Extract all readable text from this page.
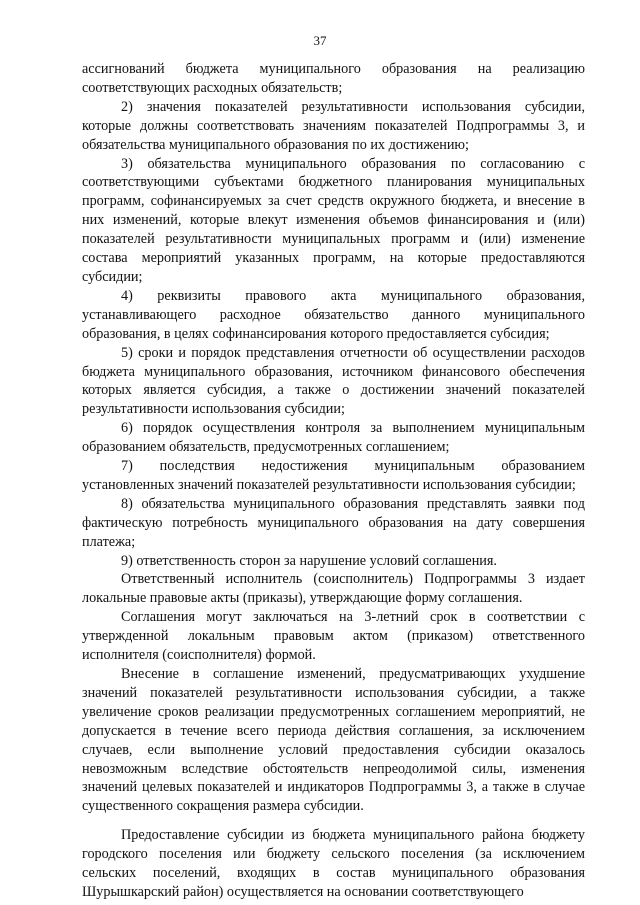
37

ассигнований бюджета муниципального образования на реализацию соответствующих расходных обязательств;

2) значения показателей результативности использования субсидии, которые должны соответствовать значениям показателей Подпрограммы 3, и обязательства муниципального образования по их достижению;

3) обязательства муниципального образования по согласованию с соответствующими субъектами бюджетного планирования муниципальных программ, софинансируемых за счет средств окружного бюджета, и внесение в них изменений, которые влекут изменения объемов финансирования и (или) показателей результативности муниципальных программ и (или) изменение состава мероприятий указанных программ, на которые предоставляются субсидии;

4) реквизиты правового акта муниципального образования, устанавливающего расходное обязательство данного муниципального образования, в целях софинансирования которого предоставляется субсидия;

5) сроки и порядок представления отчетности об осуществлении расходов бюджета муниципального образования, источником финансового обеспечения которых является субсидия, а также о достижении значений показателей результативности использования субсидии;

6) порядок осуществления контроля за выполнением муниципальным образованием обязательств, предусмотренных соглашением;

7) последствия недостижения муниципальным образованием установленных значений показателей результативности использования субсидии;

8) обязательства муниципального образования представлять заявки под фактическую потребность муниципального образования на дату совершения платежа;

9) ответственность сторон за нарушение условий соглашения.

Ответственный исполнитель (соисполнитель) Подпрограммы 3 издает локальные правовые акты (приказы), утверждающие форму соглашения.

Соглашения могут заключаться на 3-летний срок в соответствии с утвержденной локальным правовым актом (приказом) ответственного исполнителя (соисполнителя) формой.

Внесение в соглашение изменений, предусматривающих ухудшение значений показателей результативности использования субсидии, а также увеличение сроков реализации предусмотренных соглашением мероприятий, не допускается в течение всего периода действия соглашения, за исключением случаев, если выполнение условий предоставления субсидии оказалось невозможным вследствие обстоятельств непреодолимой силы, изменения значений целевых показателей и индикаторов Подпрограммы 3, а также в случае существенного сокращения размера субсидии.

Предоставление субсидии из бюджета муниципального района бюджету городского поселения или бюджету сельского поселения (за исключением сельских поселений, входящих в состав муниципального образования Шурышкарский район) осуществляется на основании соответствующего
